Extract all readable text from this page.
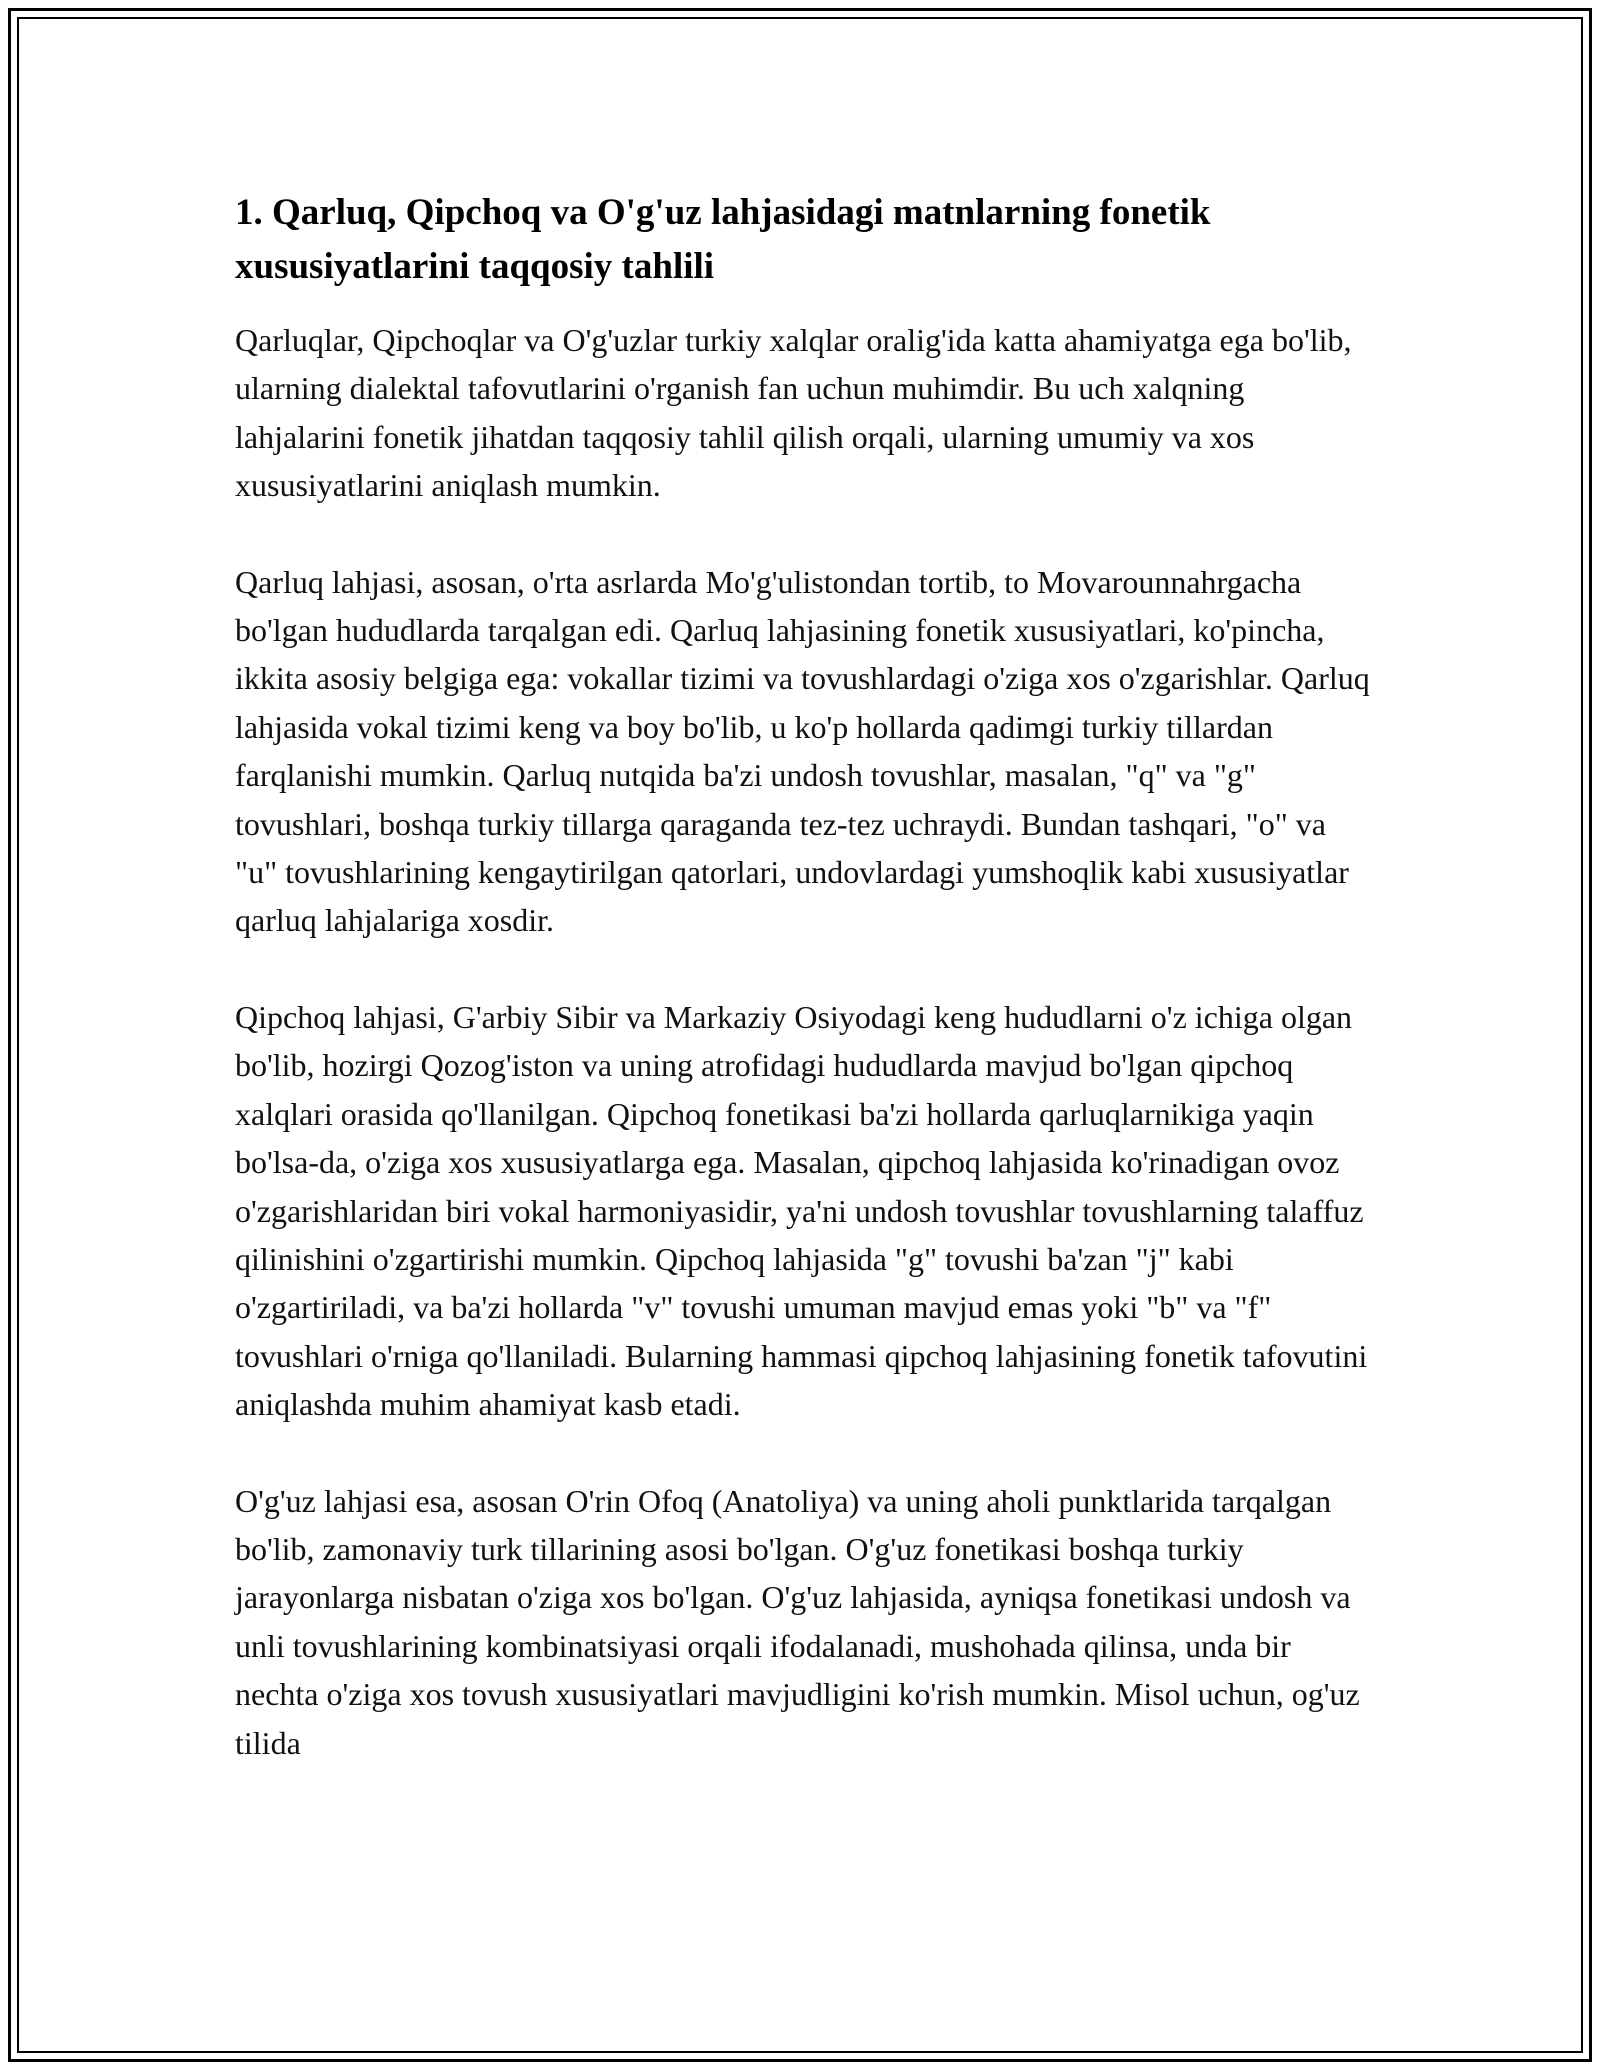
1. Qarluq, Qipchoq va O'g'uz lahjasidagi matnlarning fonetik xususiyatlarini taqqosiy tahlili

Qarluqlar, Qipchoqlar va O'g'uzlar turkiy xalqlar oralig'ida katta ahamiyatga ega bo'lib, ularning dialektal tafovutlarini o'rganish fan uchun muhimdir. Bu uch xalqning lahjalarini fonetik jihatdan taqqosiy tahlil qilish orqali, ularning umumiy va xos xususiyatlarini aniqlash mumkin.

Qarluq lahjasi, asosan, o'rta asrlarda Mo'g'ulistondan tortib, to Movarounnahrgacha bo'lgan hududlarda tarqalgan edi. Qarluq lahjasining fonetik xususiyatlari, ko'pincha, ikkita asosiy belgiga ega: vokallar tizimi va tovushlardagi o'ziga xos o'zgarishlar. Qarluq lahjasida vokal tizimi keng va boy bo'lib, u ko'p hollarda qadimgi turkiy tillardan farqlanishi mumkin. Qarluq nutqida ba'zi undosh tovushlar, masalan, "q" va "g" tovushlari, boshqa turkiy tillarga qaraganda tez-tez uchraydi. Bundan tashqari, "o" va "u" tovushlarining kengaytirilgan qatorlari, undovlardagi yumshoqlik kabi xususiyatlar qarluq lahjalariga xosdir.

Qipchoq lahjasi, G'arbiy Sibir va Markaziy Osiyodagi keng hududlarni o'z ichiga olgan bo'lib, hozirgi Qozog'iston va uning atrofidagi hududlarda mavjud bo'lgan qipchoq xalqlari orasida qo'llanilgan. Qipchoq fonetikasi ba'zi hollarda qarluqlarnikiga yaqin bo'lsa-da, o'ziga xos xususiyatlarga ega. Masalan, qipchoq lahjasida ko'rinadigan ovoz o'zgarishlaridan biri vokal harmoniyasidir, ya'ni undosh tovushlar tovushlarning talaffuz qilinishini o'zgartirishi mumkin. Qipchoq lahjasida "g" tovushi ba'zan "j" kabi o'zgartiriladi, va ba'zi hollarda "v" tovushi umuman mavjud emas yoki "b" va "f" tovushlari o'rniga qo'llaniladi. Bularning hammasi qipchoq lahjasining fonetik tafovutini aniqlashda muhim ahamiyat kasb etadi.

O'g'uz lahjasi esa, asosan O'rin Ofoq (Anatoliya) va uning aholi punktlarida tarqalgan bo'lib, zamonaviy turk tillarining asosi bo'lgan. O'g'uz fonetikasi boshqa turkiy jarayonlarga nisbatan o'ziga xos bo'lgan. O'g'uz lahjasida, ayniqsa fonetikasi undosh va unli tovushlarining kombinatsiyasi orqali ifodalanadi, mushohada qilinsa, unda bir nechta o'ziga xos tovush xususiyatlari mavjudligini ko'rish mumkin. Misol uchun, og'uz tilida
